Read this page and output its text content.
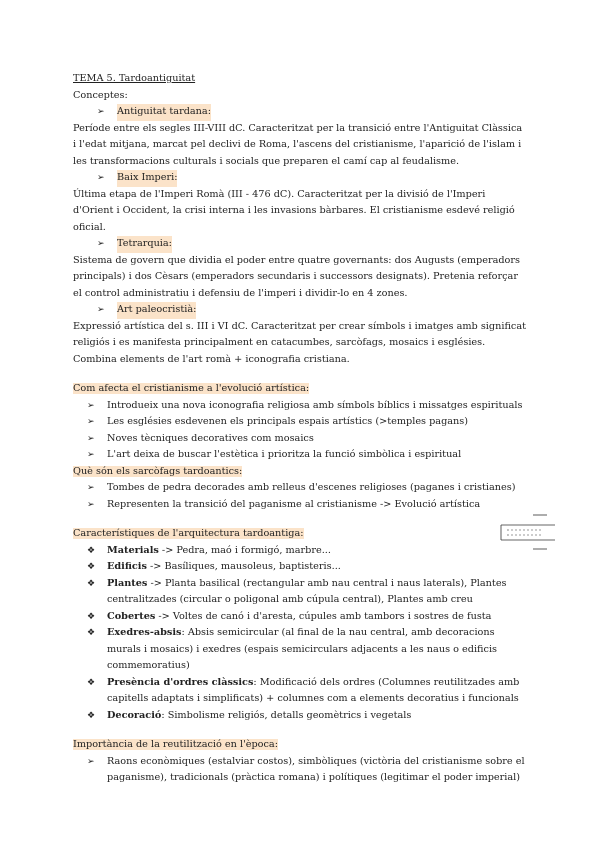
TEMA 5. Tardoantiguitat
Conceptes:
➢	Antiguitat tardana:

Període entre els segles III-VIII dC. Caracteritzat per la transició entre l'Antiguitat Clàssica i l'edat mitjana, marcat pel declivi de Roma, l'ascens del cristianisme, l'aparició de l'islam i les transformacions culturals i socials que preparen el camí cap al feudalisme.

➢	Baix Imperi:

Última etapa de l'Imperi Romà (III - 476 dC). Caracteritzat per la divisió de l'Imperi d'Orient i Occident, la crisi interna i les invasions bàrbares. El cristianisme esdevé religió oficial.

➢	Tetrarquia:

Sistema de govern que dividia el poder entre quatre governants: dos Augusts (emperadors principals) i dos Cèsars (emperadors secundaris i successors designats). Pretenia reforçar el control administratiu i defensiu de l'imperi i dividir-lo en 4 zones.

➢	Art paleocristià:

Expressió artística del s. III i VI dC. Caracteritzat per crear símbols i imatges amb significat religiós i es manifesta principalment en catacumbes, sarcòfags, mosaics i esglésies. Combina elements de l'art romà + iconografia cristiana.

Com afecta el cristianisme a l'evolució artística:
➢	Introdueix una nova iconografia religiosa amb símbols bíblics i missatges espirituals
➢	Les esglésies esdevenen els principals espais artístics (>temples pagans)
➢	Noves tècniques decoratives com mosaics
➢	L'art deixa de buscar l'estètica i prioritza la funció simbòlica i espiritual
Què són els sarcòfags tardoantics:
➢	Tombes de pedra decorades amb relleus d'escenes religioses (paganes i cristianes)
➢	Representen la transició del paganisme al cristianisme -> Evolució artística
Característiques de l'arquitectura tardoantiga:
❖	Materials -> Pedra, maó i formigó, marbre...
❖	Edificis -> Basíliques, mausoleus, baptisteris...
❖	Plantes -> Planta basilical (rectangular amb nau central i naus laterals), Plantes centralitzades (circular o poligonal amb cúpula central), Plantes amb creu
❖	Cobertes -> Voltes de canó i d'aresta, cúpules amb tambors i sostres de fusta
❖	Exedres-absis: Absis semicircular (al final de la nau central, amb decoracions murals i mosaics) i exedres (espais semicirculars adjacents a les naus o edificis commemoratius)
❖	Presència d'ordres clàssics: Modificació dels ordres (Columnes reutilitzades amb capitells adaptats i simplificats) + columnes com a elements decoratius i funcionals
❖	Decoració: Simbolisme religiós, detalls geomètrics i vegetals
Importància de la reutilització en l'època:
➢	Raons econòmiques (estalviar costos), simbòliques (victòria del cristianisme sobre el paganisme), tradicionals (pràctica romana) i polítiques (legitimar el poder imperial)
